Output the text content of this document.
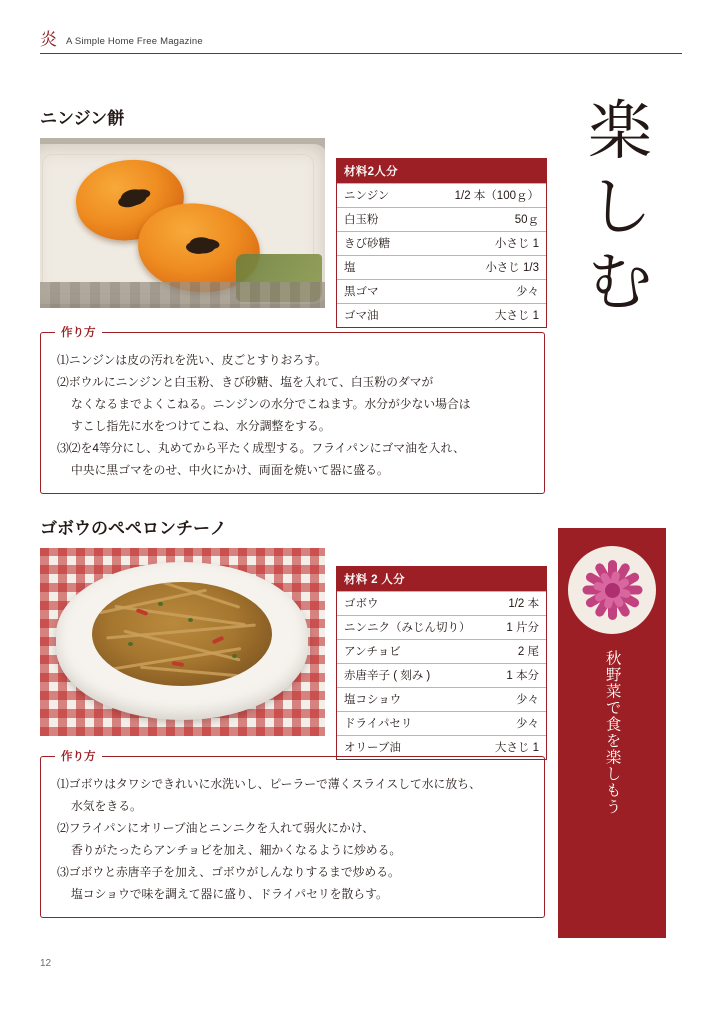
炎 A Simple Home Free Magazine
楽
し
む
秋野菜で食を楽しもう
ニンジン餅
材料2人分
ニンジン	1/2 本（100ｇ）
白玉粉	50ｇ
きび砂糖	小さじ 1
塩	小さじ 1/3
黒ゴマ	少々
ゴマ油	大さじ 1
作り方
⑴ニンジンは皮の汚れを洗い、皮ごとすりおろす。
⑵ボウルにニンジンと白玉粉、きび砂糖、塩を入れて、白玉粉のダマが
なくなるまでよくこねる。ニンジンの水分でこねます。水分が少ない場合は
すこし指先に水をつけてこね、水分調整をする。
⑶⑵を4等分にし、丸めてから平たく成型する。フライパンにゴマ油を入れ、
中央に黒ゴマをのせ、中火にかけ、両面を焼いて器に盛る。
ゴボウのペペロンチーノ
材料 2 人分
ゴボウ	1/2 本
ニンニク（みじん切り）	1 片分
アンチョビ	2 尾
赤唐辛子 ( 刻み )	1 本分
塩コショウ	少々
ドライパセリ	少々
オリーブ油	大さじ 1
作り方
⑴ゴボウはタワシできれいに水洗いし、ピーラーで薄くスライスして水に放ち、
水気をきる。
⑵フライパンにオリーブ油とニンニクを入れて弱火にかけ、
香りがたったらアンチョビを加え、細かくなるように炒める。
⑶ゴボウと赤唐辛子を加え、ゴボウがしんなりするまで炒める。
塩コショウで味を調えて器に盛り、ドライパセリを散らす。
12
